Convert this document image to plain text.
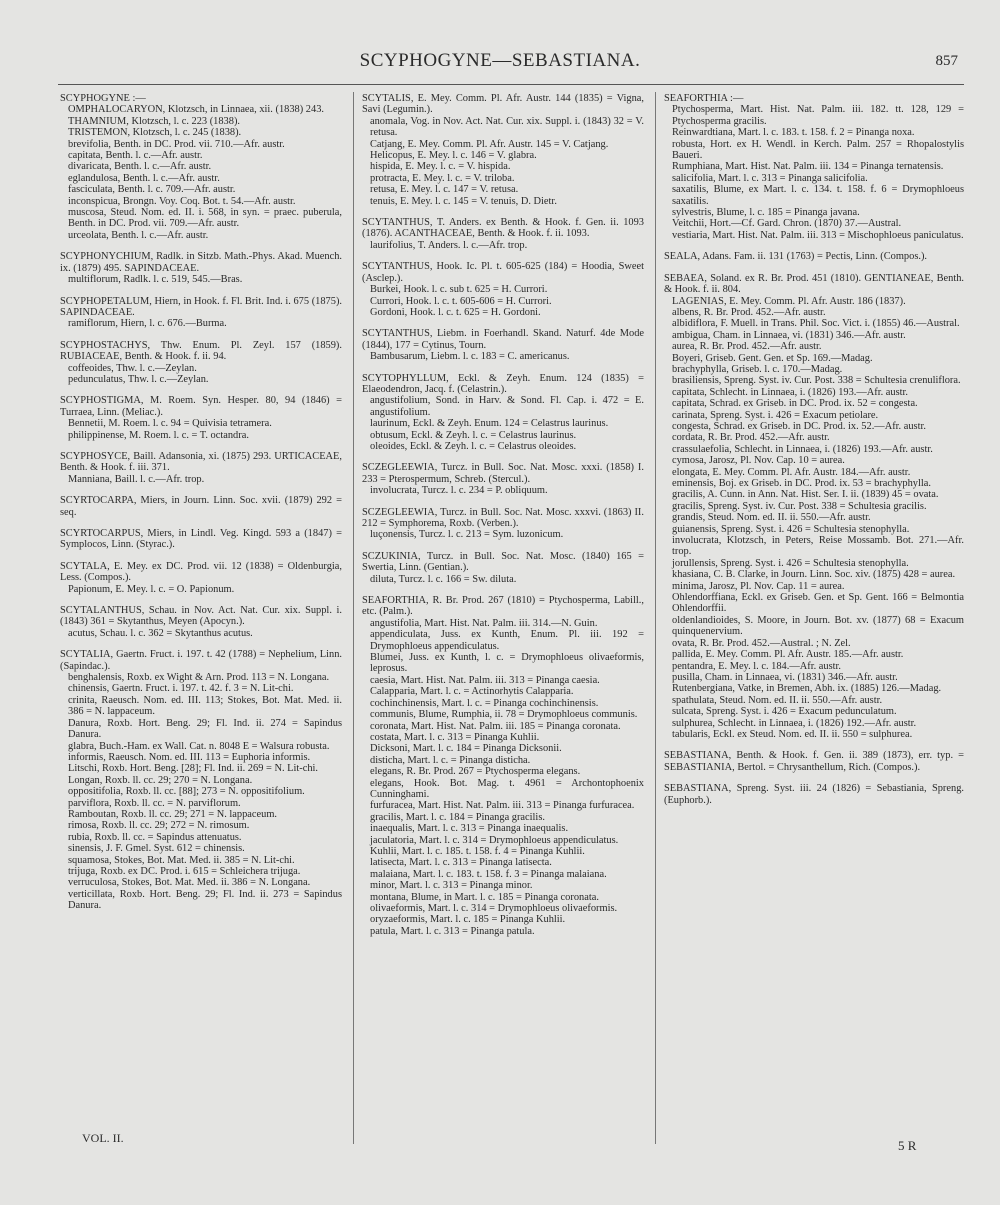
SCYPHOGYNE—SEBASTIANA.	857
SCYPHOGYNE :—
OMPHALOCARYON, Klotzsch, in Linnaea, xii. (1838) 243.
THAMNIUM, Klotzsch, l. c. 223 (1838).
TRISTEMON, Klotzsch, l. c. 245 (1838).
brevifolia, Benth. in DC. Prod. vii. 710.—Afr. austr.
capitata, Benth. l. c.—Afr. austr.
divaricata, Benth. l. c.—Afr. austr.
eglandulosa, Benth. l. c.—Afr. austr.
fasciculata, Benth. l. c. 709.—Afr. austr.
inconspicua, Brongn. Voy. Coq. Bot. t. 54.—Afr. austr.
muscosa, Steud. Nom. ed. II. i. 568, in syn. = praec. puberula, Benth. in DC. Prod. vii. 709.—Afr. austr.
urceolata, Benth. l. c.—Afr. austr.
SCYPHONYCHIUM, Radlk. in Sitzb. Math.-Phys. Akad. Muench. ix. (1879) 495. SAPINDACEAE.
multiflorum, Radlk. l. c. 519, 545.—Bras.
SCYPHOPETALUM, Hiern, in Hook. f. Fl. Brit. Ind. i. 675 (1875). SAPINDACEAE.
ramiflorum, Hiern, l. c. 676.—Burma.
SCYPHOSTACHYS, Thw. Enum. Pl. Zeyl. 157 (1859). RUBIACEAE, Benth. & Hook. f. ii. 94.
coffeoides, Thw. l. c.—Zeylan.
pedunculatus, Thw. l. c.—Zeylan.
SCYPHOSTIGMA, M. Roem. Syn. Hesper. 80, 94 (1846) = Turraea, Linn. (Meliac.).
Bennetii, M. Roem. l. c. 94 = Quivisia tetramera.
philippinense, M. Roem. l. c. = T. octandra.
SCYPHOSYCE, Baill. Adansonia, xi. (1875) 293. URTICACEAE, Benth. & Hook. f. iii. 371.
Manniana, Baill. l. c.—Afr. trop.
SCYRTOCARPA, Miers, in Journ. Linn. Soc. xvii. (1879) 292 = seq.
SCYRTOCARPUS, Miers, in Lindl. Veg. Kingd. 593 a (1847) = Symplocos, Linn. (Styrac.).
SCYTALA, E. Mey. ex DC. Prod. vii. 12 (1838) = Oldenburgia, Less. (Compos.).
Papionum, E. Mey. l. c. = O. Papionum.
SCYTALANTHUS, Schau. in Nov. Act. Nat. Cur. xix. Suppl. i. (1843) 361 = Skytanthus, Meyen (Apocyn.).
acutus, Schau. l. c. 362 = Skytanthus acutus.
SCYTALIA, Gaertn. Fruct. i. 197. t. 42 (1788) = Nephelium, Linn. (Sapindac.).
benghalensis, Roxb. ex Wight & Arn. Prod. 113 = N. Longana.
chinensis, Gaertn. Fruct. i. 197. t. 42. f. 3 = N. Lit-chi.
crinita, Raeusch. Nom. ed. III. 113; Stokes, Bot. Mat. Med. ii. 386 = N. lappaceum.
Danura, Roxb. Hort. Beng. 29; Fl. Ind. ii. 274 = Sapindus Danura.
glabra, Buch.-Ham. ex Wall. Cat. n. 8048 E = Walsura robusta.
informis, Raeusch. Nom. ed. III. 113 = Euphoria informis.
Litschi, Roxb. Hort. Beng. [28]; Fl. Ind. ii. 269 = N. Lit-chi.
Longan, Roxb. ll. cc. 29; 270 = N. Longana.
oppositifolia, Roxb. ll. cc. [88]; 273 = N. oppositifolium.
parviflora, Roxb. ll. cc. = N. parviflorum.
Ramboutan, Roxb. ll. cc. 29; 271 = N. lappaceum.
rimosa, Roxb. ll. cc. 29; 272 = N. rimosum.
rubia, Roxb. ll. cc. = Sapindus attenuatus.
sinensis, J. F. Gmel. Syst. 612 = chinensis.
squamosa, Stokes, Bot. Mat. Med. ii. 385 = N. Lit-chi.
trijuga, Roxb. ex DC. Prod. i. 615 = Schleichera trijuga.
verruculosa, Stokes, Bot. Mat. Med. ii. 386 = N. Longana.
verticillata, Roxb. Hort. Beng. 29; Fl. Ind. ii. 273 = Sapindus Danura.
SCYTALIS, E. Mey. Comm. Pl. Afr. Austr. 144 (1835) = Vigna, Savi (Legumin.).
anomala, Vog. in Nov. Act. Nat. Cur. xix. Suppl. i. (1843) 32 = V. retusa.
Catjang, E. Mey. Comm. Pl. Afr. Austr. 145 = V. Catjang.
Helicopus, E. Mey. l. c. 146 = V. glabra.
hispida, E. Mey. l. c. = V. hispida.
protracta, E. Mey. l. c. = V. triloba.
retusa, E. Mey. l. c. 147 = V. retusa.
tenuis, E. Mey. l. c. 145 = V. tenuis, D. Dietr.
SCYTANTHUS, T. Anders. ex Benth. & Hook. f. Gen. ii. 1093 (1876). ACANTHACEAE, Benth. & Hook. f. ii. 1093.
laurifolius, T. Anders. l. c.—Afr. trop.
SCYTANTHUS, Hook. Ic. Pl. t. 605-625 (184) = Hoodia, Sweet (Asclep.).
Burkei, Hook. l. c. sub t. 625 = H. Currori.
Currori, Hook. l. c. t. 605-606 = H. Currori.
Gordoni, Hook. l. c. t. 625 = H. Gordoni.
SCYTANTHUS, Liebm. in Foerhandl. Skand. Naturf. 4de Mode (1844), 177 = Cytinus, Tourn.
Bambusarum, Liebm. l. c. 183 = C. americanus.
SCYTOPHYLLUM, Eckl. & Zeyh. Enum. 124 (1835) = Elaeodendron, Jacq. f. (Celastrin.).
angustifolium, Sond. in Harv. & Sond. Fl. Cap. i. 472 = E. angustifolium.
laurinum, Eckl. & Zeyh. Enum. 124 = Celastrus laurinus.
obtusum, Eckl. & Zeyh. l. c. = Celastrus laurinus.
oleoides, Eckl. & Zeyh. l. c. = Celastrus oleoides.
SCZEGLEEWIA, Turcz. in Bull. Soc. Nat. Mosc. xxxi. (1858) I. 233 = Pterospermum, Schreb. (Stercul.).
involucrata, Turcz. l. c. 234 = P. obliquum.
SCZEGLEEWIA, Turcz. in Bull. Soc. Nat. Mosc. xxxvi. (1863) II. 212 = Symphorema, Roxb. (Verben.).
luçonensis, Turcz. l. c. 213 = Sym. luzonicum.
SCZUKINIA, Turcz. in Bull. Soc. Nat. Mosc. (1840) 165 = Swertia, Linn. (Gentian.).
diluta, Turcz. l. c. 166 = Sw. diluta.
SEAFORTHIA, R. Br. Prod. 267 (1810) = Ptychosperma, Labill., etc. (Palm.).
angustifolia, Mart. Hist. Nat. Palm. iii. 314.—N. Guin.
appendiculata, Juss. ex Kunth, Enum. Pl. iii. 192 = Drymophloeus appendiculatus.
Blumei, Juss. ex Kunth, l. c. = Drymophloeus olivaeformis, leprosus.
caesia, Mart. Hist. Nat. Palm. iii. 313 = Pinanga caesia.
Calapparia, Mart. l. c. = Actinorhytis Calapparia.
cochinchinensis, Mart. l. c. = Pinanga cochinchinensis.
communis, Blume, Rumphia, ii. 78 = Drymophloeus communis.
coronata, Mart. Hist. Nat. Palm. iii. 185 = Pinanga coronata.
costata, Mart. l. c. 313 = Pinanga Kuhlii.
Dicksoni, Mart. l. c. 184 = Pinanga Dicksonii.
disticha, Mart. l. c. = Pinanga disticha.
elegans, R. Br. Prod. 267 = Ptychosperma elegans.
elegans, Hook. Bot. Mag. t. 4961 = Archontophoenix Cunninghami.
furfuracea, Mart. Hist. Nat. Palm. iii. 313 = Pinanga furfuracea.
gracilis, Mart. l. c. 184 = Pinanga gracilis.
inaequalis, Mart. l. c. 313 = Pinanga inaequalis.
jaculatoria, Mart. l. c. 314 = Drymophloeus appendiculatus.
Kuhlii, Mart. l. c. 185. t. 158. f. 4 = Pinanga Kuhlii.
latisecta, Mart. l. c. 313 = Pinanga latisecta.
malaiana, Mart. l. c. 183. t. 158. f. 3 = Pinanga malaiana.
minor, Mart. l. c. 313 = Pinanga minor.
montana, Blume, in Mart. l. c. 185 = Pinanga coronata.
olivaeformis, Mart. l. c. 314 = Drymophloeus olivaeformis.
oryzaeformis, Mart. l. c. 185 = Pinanga Kuhlii.
patula, Mart. l. c. 313 = Pinanga patula.
SEAFORTHIA :—
Ptychosperma, Mart. Hist. Nat. Palm. iii. 182. tt. 128, 129 = Ptychosperma gracilis.
Reinwardtiana, Mart. l. c. 183. t. 158. f. 2 = Pinanga noxa.
robusta, Hort. ex H. Wendl. in Kerch. Palm. 257 = Rhopalostylis Baueri.
Rumphiana, Mart. Hist. Nat. Palm. iii. 134 = Pinanga ternatensis.
salicifolia, Mart. l. c. 313 = Pinanga salicifolia.
saxatilis, Blume, ex Mart. l. c. 134. t. 158. f. 6 = Drymophloeus saxatilis.
sylvestris, Blume, l. c. 185 = Pinanga javana.
Veitchii, Hort.—Cf. Gard. Chron. (1870) 37.—Austral.
vestiaria, Mart. Hist. Nat. Palm. iii. 313 = Mischophloeus paniculatus.
SEALA, Adans. Fam. ii. 131 (1763) = Pectis, Linn. (Compos.).
SEBAEA, Soland. ex R. Br. Prod. 451 (1810). GENTIANEAE, Benth. & Hook. f. ii. 804.
LAGENIAS, E. Mey. Comm. Pl. Afr. Austr. 186 (1837).
albens, R. Br. Prod. 452.—Afr. austr.
albidiflora, F. Muell. in Trans. Phil. Soc. Vict. i. (1855) 46.—Austral.
ambigua, Cham. in Linnaea, vi. (1831) 346.—Afr. austr.
aurea, R. Br. Prod. 452.—Afr. austr.
Boyeri, Griseb. Gent. Gen. et Sp. 169.—Madag.
brachyphylla, Griseb. l. c. 170.—Madag.
brasiliensis, Spreng. Syst. iv. Cur. Post. 338 = Schultesia crenuliflora.
capitata, Schlecht. in Linnaea, i. (1826) 193.—Afr. austr.
capitata, Schrad. ex Griseb. in DC. Prod. ix. 52 = congesta.
carinata, Spreng. Syst. i. 426 = Exacum petiolare.
congesta, Schrad. ex Griseb. in DC. Prod. ix. 52.—Afr. austr.
cordata, R. Br. Prod. 452.—Afr. austr.
crassulaefolia, Schlecht. in Linnaea, i. (1826) 193.—Afr. austr.
cymosa, Jarosz, Pl. Nov. Cap. 10 = aurea.
elongata, E. Mey. Comm. Pl. Afr. Austr. 184.—Afr. austr.
eminensis, Boj. ex Griseb. in DC. Prod. ix. 53 = brachyphylla.
gracilis, A. Cunn. in Ann. Nat. Hist. Ser. I. ii. (1839) 45 = ovata.
gracilis, Spreng. Syst. iv. Cur. Post. 338 = Schultesia gracilis.
grandis, Steud. Nom. ed. II. ii. 550.—Afr. austr.
guianensis, Spreng. Syst. i. 426 = Schultesia stenophylla.
involucrata, Klotzsch, in Peters, Reise Mossamb. Bot. 271.—Afr. trop.
jorullensis, Spreng. Syst. i. 426 = Schultesia stenophylla.
khasiana, C. B. Clarke, in Journ. Linn. Soc. xiv. (1875) 428 = aurea.
minima, Jarosz, Pl. Nov. Cap. 11 = aurea.
Ohlendorffiana, Eckl. ex Griseb. Gen. et Sp. Gent. 166 = Belmontia Ohlendorffii.
oldenlandioides, S. Moore, in Journ. Bot. xv. (1877) 68 = Exacum quinquenervium.
ovata, R. Br. Prod. 452.—Austral. ; N. Zel.
pallida, E. Mey. Comm. Pl. Afr. Austr. 185.—Afr. austr.
pentandra, E. Mey. l. c. 184.—Afr. austr.
pusilla, Cham. in Linnaea, vi. (1831) 346.—Afr. austr.
Rutenbergiana, Vatke, in Bremen, Abh. ix. (1885) 126.—Madag.
spathulata, Steud. Nom. ed. II. ii. 550.—Afr. austr.
sulcata, Spreng. Syst. i. 426 = Exacum pedunculatum.
sulphurea, Schlecht. in Linnaea, i. (1826) 192.—Afr. austr.
tabularis, Eckl. ex Steud. Nom. ed. II. ii. 550 = sulphurea.
SEBASTIANA, Benth. & Hook. f. Gen. ii. 389 (1873), err. typ. = SEBASTIANIA, Bertol. = Chrysanthellum, Rich. (Compos.).
SEBASTIANA, Spreng. Syst. iii. 24 (1826) = Sebastiania, Spreng. (Euphorb.).
VOL. II.	5 R
